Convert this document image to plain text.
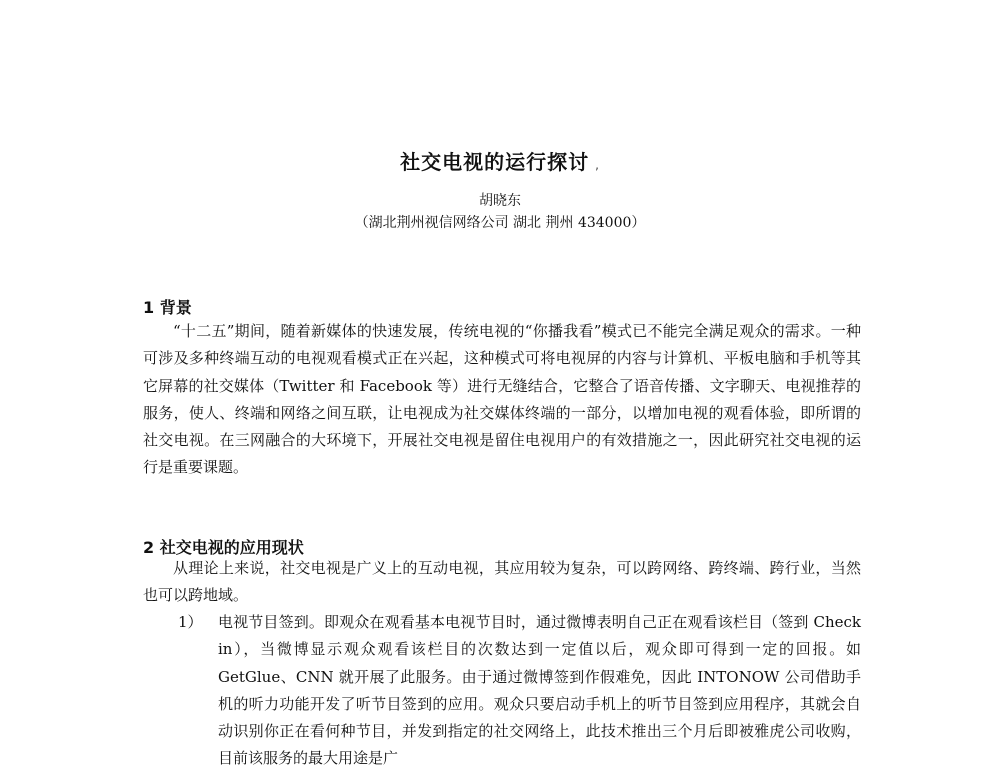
社交电视的运行探讨 ,
胡晓东
（湖北荆州视信网络公司 湖北 荆州 434000）
1 背景

“十二五”期间，随着新媒体的快速发展，传统电视的“你播我看”模式已不能完全满足观众的需求。一种可涉及多种终端互动的电视观看模式正在兴起，这种模式可将电视屏的内容与计算机、平板电脑和手机等其它屏幕的社交媒体（Twitter 和 Facebook 等）进行无缝结合，它整合了语音传播、文字聊天、电视推荐的服务，使人、终端和网络之间互联，让电视成为社交媒体终端的一部分，以增加电视的观看体验，即所谓的社交电视。在三网融合的大环境下，开展社交电视是留住电视用户的有效措施之一，因此研究社交电视的运行是重要课题。

2 社交电视的应用现状

从理论上来说，社交电视是广义上的互动电视，其应用较为复杂，可以跨网络、跨终端、跨行业，当然也可以跨地域。

1） 电视节目签到。即观众在观看基本电视节目时，通过微博表明自己正在观看该栏目（签到 Check in），当微博显示观众观看该栏目的次数达到一定值以后，观众即可得到一定的回报。如 GetGlue、CNN 就开展了此服务。由于通过微博签到作假难免，因此 INTONOW 公司借助手机的听力功能开发了听节目签到的应用。观众只要启动手机上的听节目签到应用程序，其就会自动识别你正在看何种节目，并发到指定的社交网络上，此技术推出三个月后即被雅虎公司收购，目前该服务的最大用途是广
